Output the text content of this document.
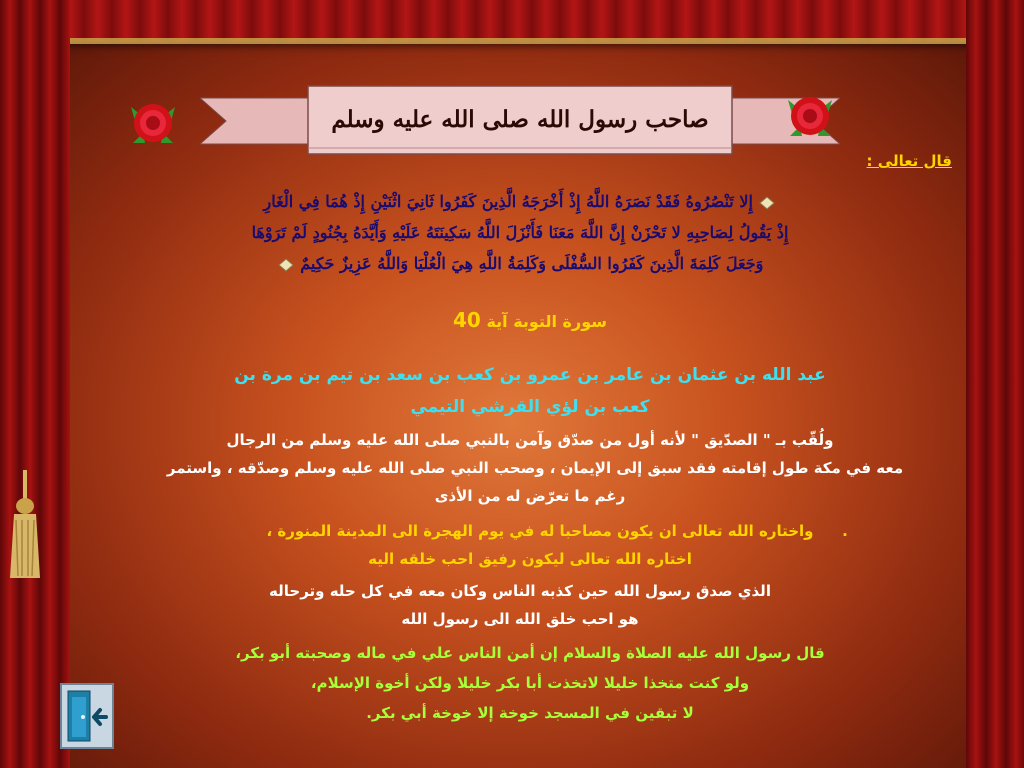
صاحب رسول الله صلى الله عليه وسلم
قال تعالى :
إِلا تَنْصُرُوهُ فَقَدْ نَصَرَهُ اللَّهُ إِذْ أَخْرَجَهُ الَّذِينَ كَفَرُوا ثَانِيَ اثْنَيْنِ إِذْ هُمَا فِي الْغَارِ
إِذْ يَقُولُ لِصَاحِبِهِ لا تَحْزَنْ إِنَّ اللَّهَ مَعَنَا فَأَنْزَلَ اللَّهُ سَكِينَتَهُ عَلَيْهِ وَأَيَّدَهُ بِجُنُودٍ لَمْ تَرَوْهَا
وَجَعَلَ كَلِمَةَ الَّذِينَ كَفَرُوا السُّفْلَى وَكَلِمَةُ اللَّهِ هِيَ الْعُلْيَا وَاللَّهُ عَزِيزٌ حَكِيمٌ
سورة التوبة آية 40
عبد الله بن عثمان بن عامر بن عمرو بن كعب بن سعد بن تيم بن مرة بن
كعب بن لؤي القرشي التيمي
ولُقّب بـ " الصدّيق " لأنه أول من صدّق وآمن بالنبي صلى الله عليه وسلم من الرجال
معه في مكة طول إقامته فقد سبق إلى الإيمان ، وصحب النبي صلى الله عليه وسلم وصدّقه ، واستمر
رغم ما تعرّض له من الأذى
واختاره الله تعالى ان يكون مصاحبا له في يوم الهجرة الى المدينة المنورة ،	.
اختاره الله تعالى ليكون رفيق احب خلقه اليه
الذي صدق رسول الله حين كذبه الناس وكان معه في كل حله وترحاله
هو احب خلق الله الى رسول الله
قال رسول الله عليه الصلاة والسلام إن أمن الناس علي في ماله وصحبته أبو بكر،
ولو كنت متخذا خليلا لاتخذت أبا بكر خليلا ولكن أخوة الإسلام،
لا تبقين في المسجد خوخة إلا خوخة أبي بكر.
